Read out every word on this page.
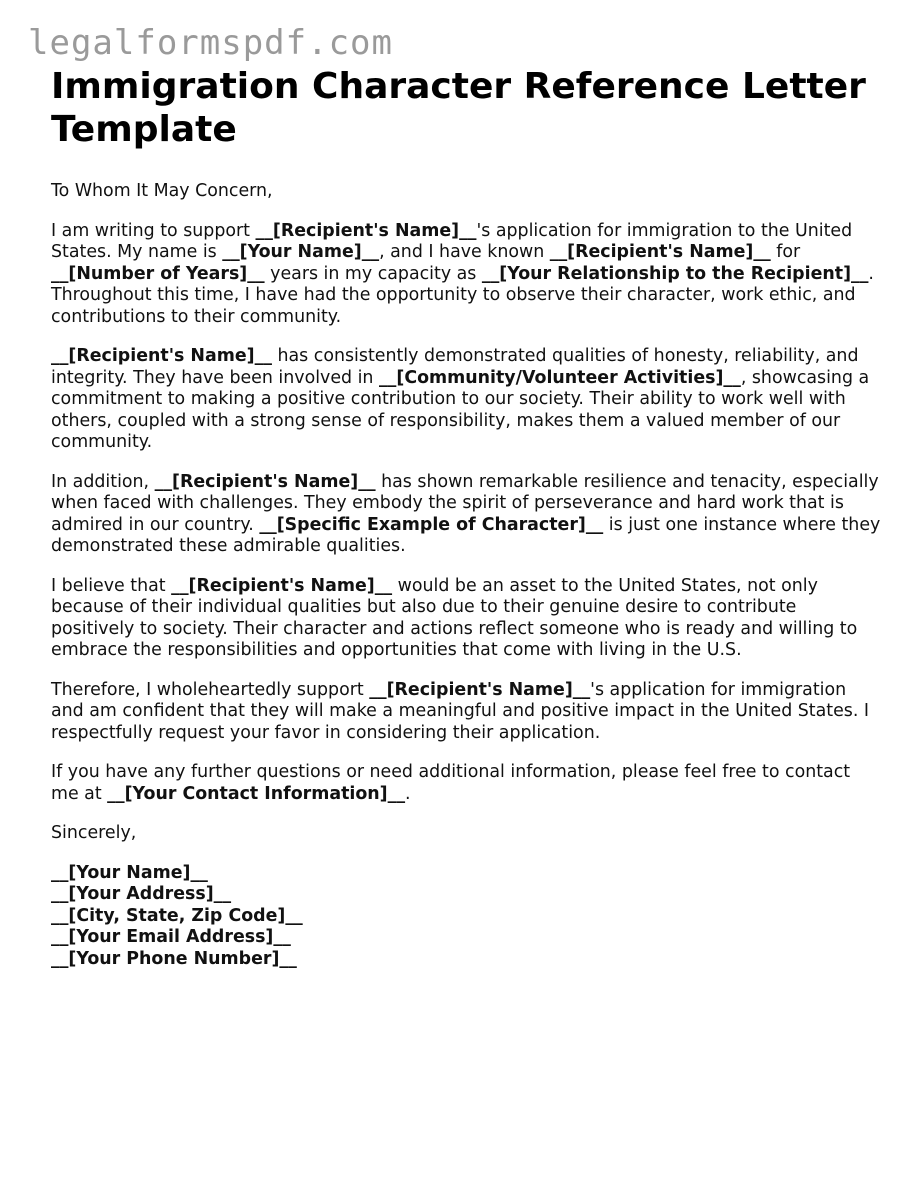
legalformspdf.com
Immigration Character Reference Letter Template

To Whom It May Concern,

I am writing to support __[Recipient's Name]__'s application for immigration to the United States. My name is __[Your Name]__, and I have known __[Recipient's Name]__ for __[Number of Years]__ years in my capacity as __[Your Relationship to the Recipient]__. Throughout this time, I have had the opportunity to observe their character, work ethic, and contributions to their community.

__[Recipient's Name]__ has consistently demonstrated qualities of honesty, reliability, and integrity. They have been involved in __[Community/Volunteer Activities]__, showcasing a commitment to making a positive contribution to our society. Their ability to work well with others, coupled with a strong sense of responsibility, makes them a valued member of our community.

In addition, __[Recipient's Name]__ has shown remarkable resilience and tenacity, especially when faced with challenges. They embody the spirit of perseverance and hard work that is admired in our country. __[Specific Example of Character]__ is just one instance where they demonstrated these admirable qualities.

I believe that __[Recipient's Name]__ would be an asset to the United States, not only because of their individual qualities but also due to their genuine desire to contribute positively to society. Their character and actions reflect someone who is ready and willing to embrace the responsibilities and opportunities that come with living in the U.S.

Therefore, I wholeheartedly support __[Recipient's Name]__'s application for immigration and am confident that they will make a meaningful and positive impact in the United States. I respectfully request your favor in considering their application.

If you have any further questions or need additional information, please feel free to contact me at __[Your Contact Information]__.

Sincerely,

__[Your Name]__
__[Your Address]__
__[City, State, Zip Code]__
__[Your Email Address]__
__[Your Phone Number]__
